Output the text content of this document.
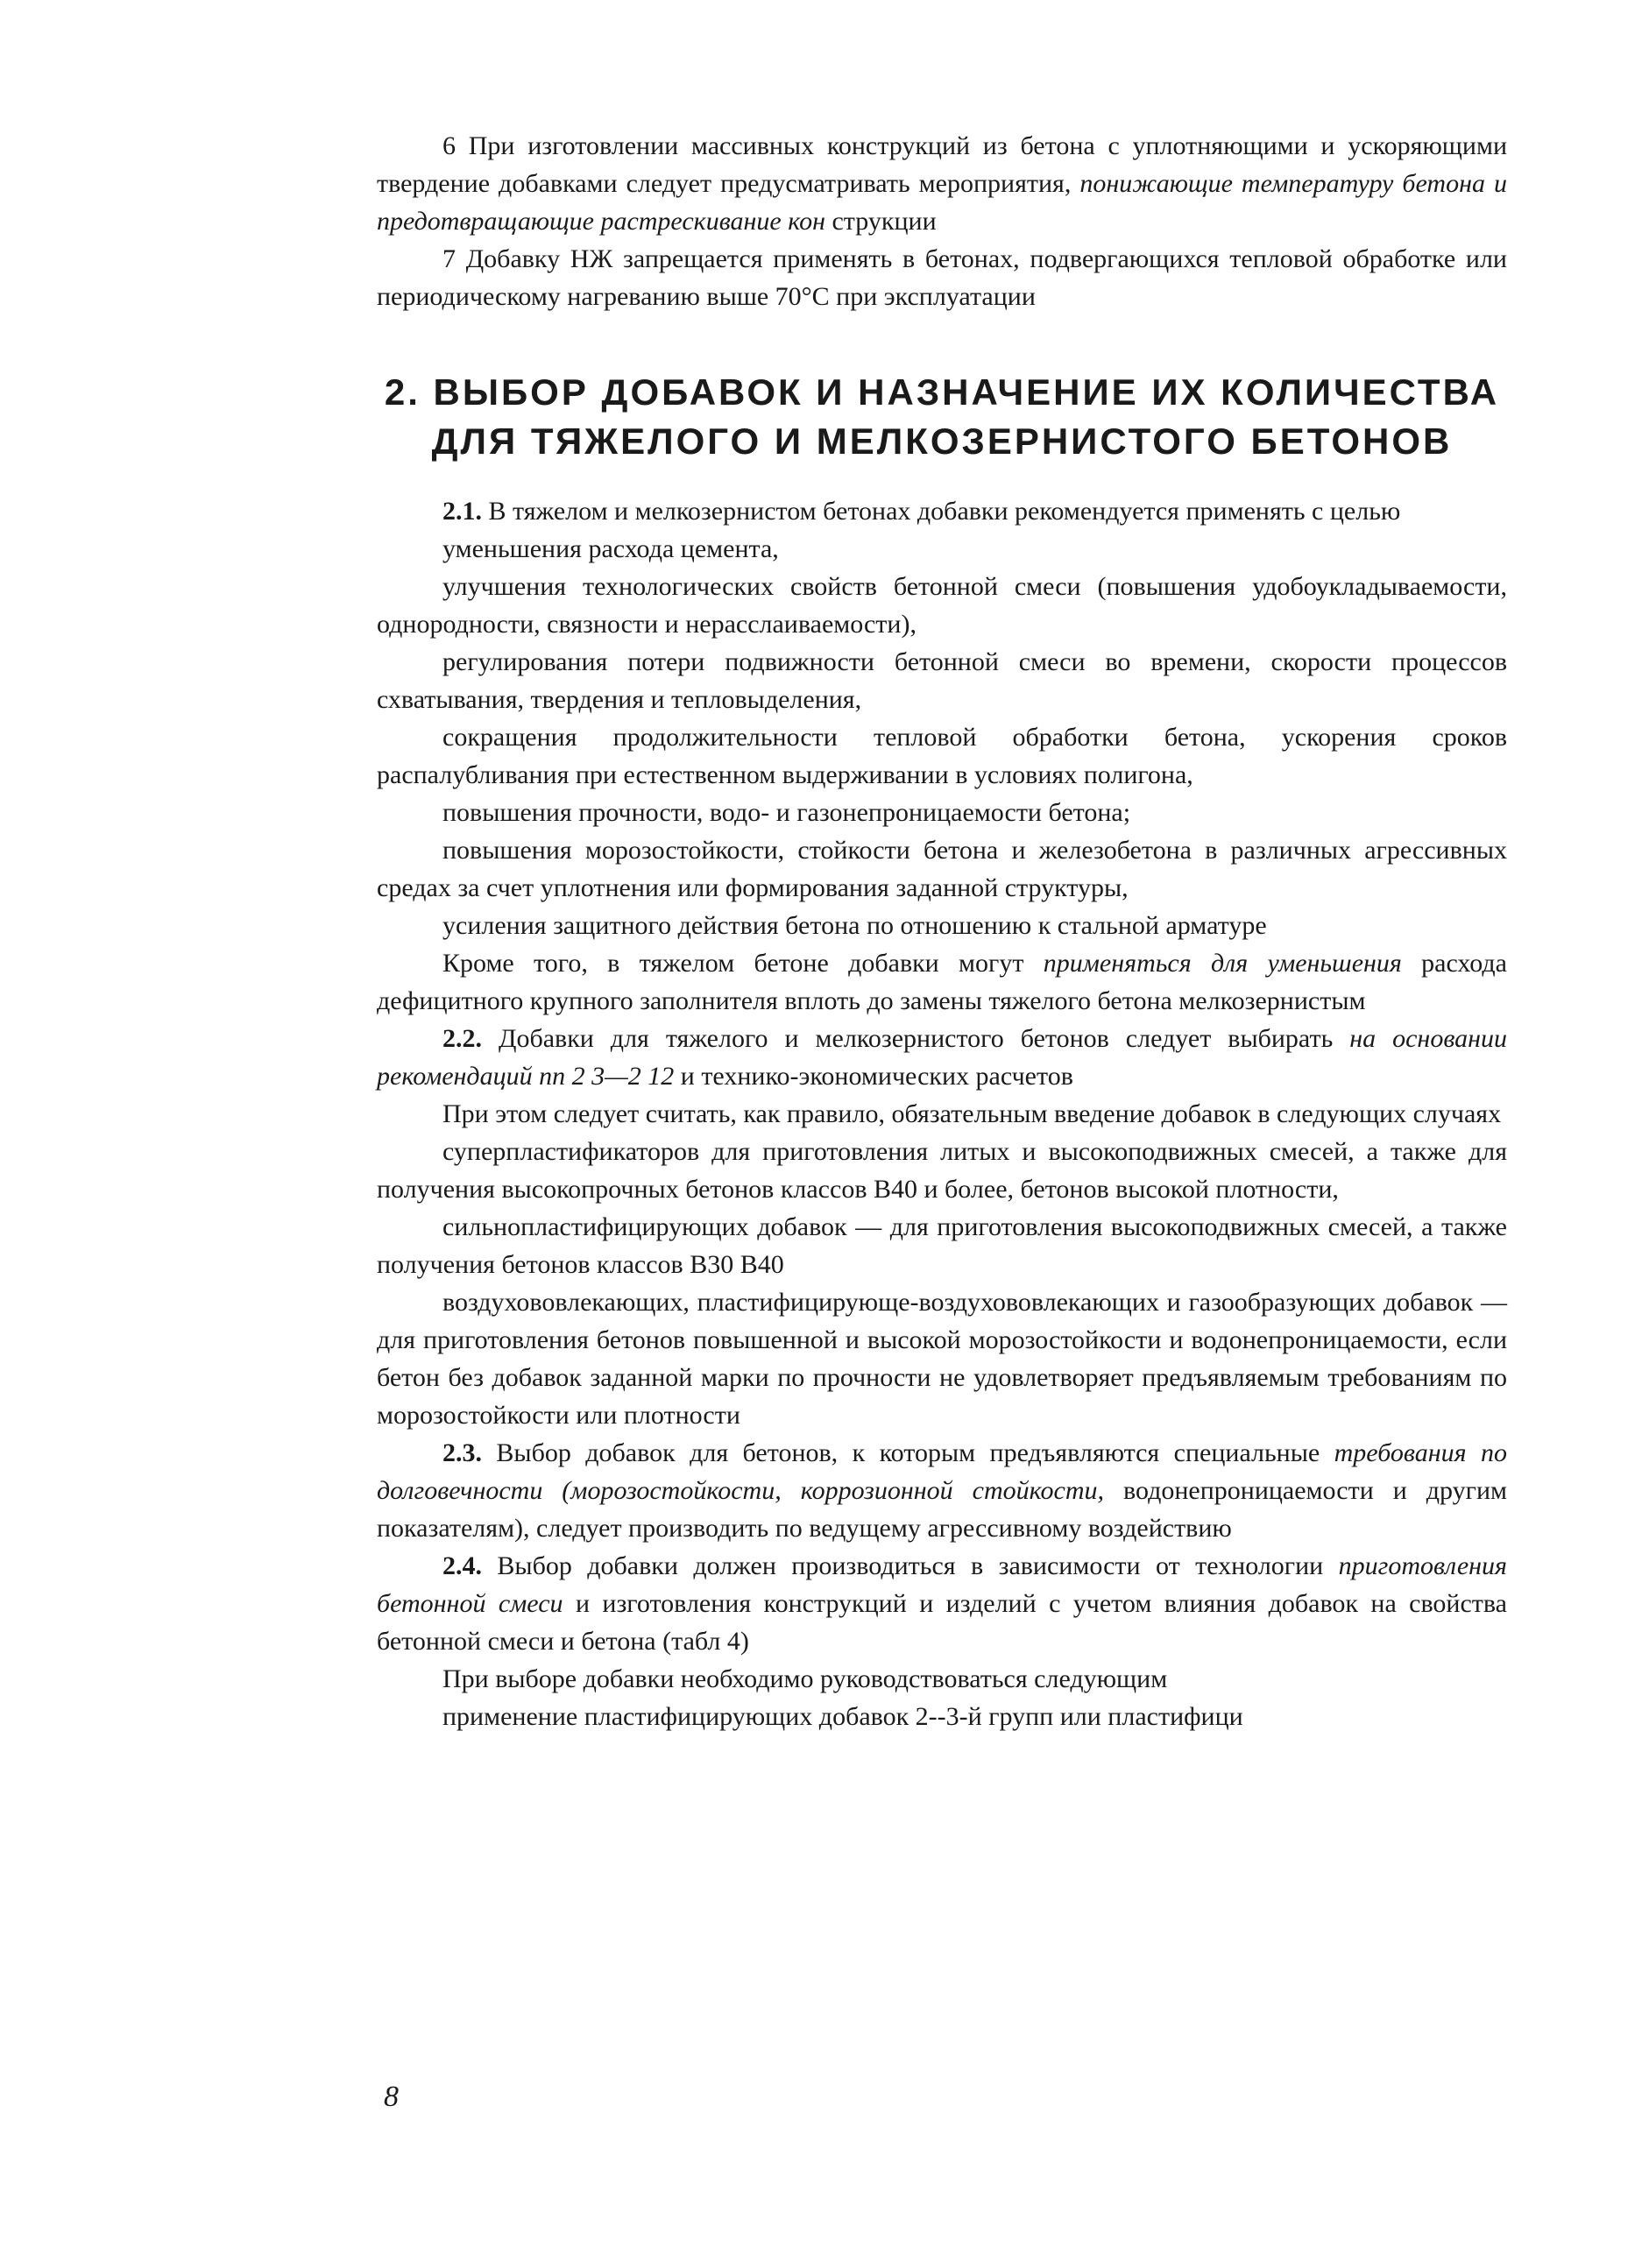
6 При изготовлении массивных конструкций из бетона с уплотняющими и ускоряющими твердение добавками следует предусматривать мероприятия, понижающие температуру бетона и предотвращающие растрескивание кон струкции

7 Добавку НЖ запрещается применять в бетонах, подвергающихся тепловой обработке или периодическому нагреванию выше 70°С при эксплуатации

2. ВЫБОР ДОБАВОК И НАЗНАЧЕНИЕ ИХ КОЛИЧЕСТВА
ДЛЯ ТЯЖЕЛОГО И МЕЛКОЗЕРНИСТОГО БЕТОНОВ

2.1. В тяжелом и мелкозернистом бетонах добавки рекомендуется применять с целью

уменьшения расхода цемента,

улучшения технологических свойств бетонной смеси (повышения удобоукладываемости, однородности, связности и нерасслаиваемости),

регулирования потери подвижности бетонной смеси во времени, скорости процессов схватывания, твердения и тепловыделения,

сокращения продолжительности тепловой обработки бетона, ускорения сроков распалубливания при естественном выдерживании в условиях полигона,

повышения прочности, водо- и газонепроницаемости бетона;

повышения морозостойкости, стойкости бетона и железобетона в различных агрессивных средах за счет уплотнения или формирования заданной структуры,

усиления защитного действия бетона по отношению к стальной арматуре

Кроме того, в тяжелом бетоне добавки могут применяться для уменьшения расхода дефицитного крупного заполнителя вплоть до замены тяжелого бетона мелкозернистым

2.2. Добавки для тяжелого и мелкозернистого бетонов следует выбирать на основании рекомендаций пп 2 3—2 12 и технико-экономических расчетов

При этом следует считать, как правило, обязательным введение добавок в следующих случаях

суперпластификаторов для приготовления литых и высокоподвижных смесей, а также для получения высокопрочных бетонов классов В40 и более, бетонов высокой плотности,

сильнопластифицирующих добавок — для приготовления высокоподвижных смесей, а также получения бетонов классов В30 В40

воздухововлекающих, пластифицирующе-воздухововлекающих и газообразующих добавок — для приготовления бетонов повышенной и высокой морозостойкости и водонепроницаемости, если бетон без добавок заданной марки по прочности не удовлетворяет предъявляемым требованиям по морозостойкости или плотности

2.3. Выбор добавок для бетонов, к которым предъявляются специальные требования по долговечности (морозостойкости, коррозионной стойкости, водонепроницаемости и другим показателям), следует производить по ведущему агрессивному воздействию

2.4. Выбор добавки должен производиться в зависимости от технологии приготовления бетонной смеси и изготовления конструкций и изделий с учетом влияния добавок на свойства бетонной смеси и бетона (табл 4)

При выборе добавки необходимо руководствоваться следующим

применение пластифицирующих добавок 2--3-й групп или пластифици

8
